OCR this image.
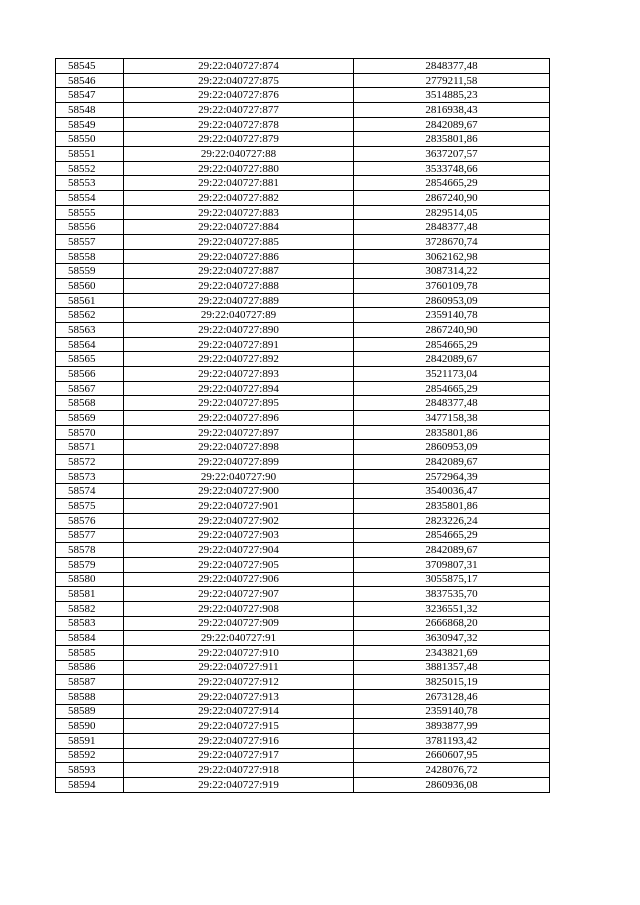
58545	29:22:040727:874	2848377,48
58546	29:22:040727:875	2779211,58
58547	29:22:040727:876	3514885,23
58548	29:22:040727:877	2816938,43
58549	29:22:040727:878	2842089,67
58550	29:22:040727:879	2835801,86
58551	29:22:040727:88	3637207,57
58552	29:22:040727:880	3533748,66
58553	29:22:040727:881	2854665,29
58554	29:22:040727:882	2867240,90
58555	29:22:040727:883	2829514,05
58556	29:22:040727:884	2848377,48
58557	29:22:040727:885	3728670,74
58558	29:22:040727:886	3062162,98
58559	29:22:040727:887	3087314,22
58560	29:22:040727:888	3760109,78
58561	29:22:040727:889	2860953,09
58562	29:22:040727:89	2359140,78
58563	29:22:040727:890	2867240,90
58564	29:22:040727:891	2854665,29
58565	29:22:040727:892	2842089,67
58566	29:22:040727:893	3521173,04
58567	29:22:040727:894	2854665,29
58568	29:22:040727:895	2848377,48
58569	29:22:040727:896	3477158,38
58570	29:22:040727:897	2835801,86
58571	29:22:040727:898	2860953,09
58572	29:22:040727:899	2842089,67
58573	29:22:040727:90	2572964,39
58574	29:22:040727:900	3540036,47
58575	29:22:040727:901	2835801,86
58576	29:22:040727:902	2823226,24
58577	29:22:040727:903	2854665,29
58578	29:22:040727:904	2842089,67
58579	29:22:040727:905	3709807,31
58580	29:22:040727:906	3055875,17
58581	29:22:040727:907	3837535,70
58582	29:22:040727:908	3236551,32
58583	29:22:040727:909	2666868,20
58584	29:22:040727:91	3630947,32
58585	29:22:040727:910	2343821,69
58586	29:22:040727:911	3881357,48
58587	29:22:040727:912	3825015,19
58588	29:22:040727:913	2673128,46
58589	29:22:040727:914	2359140,78
58590	29:22:040727:915	3893877,99
58591	29:22:040727:916	3781193,42
58592	29:22:040727:917	2660607,95
58593	29:22:040727:918	2428076,72
58594	29:22:040727:919	2860936,08
